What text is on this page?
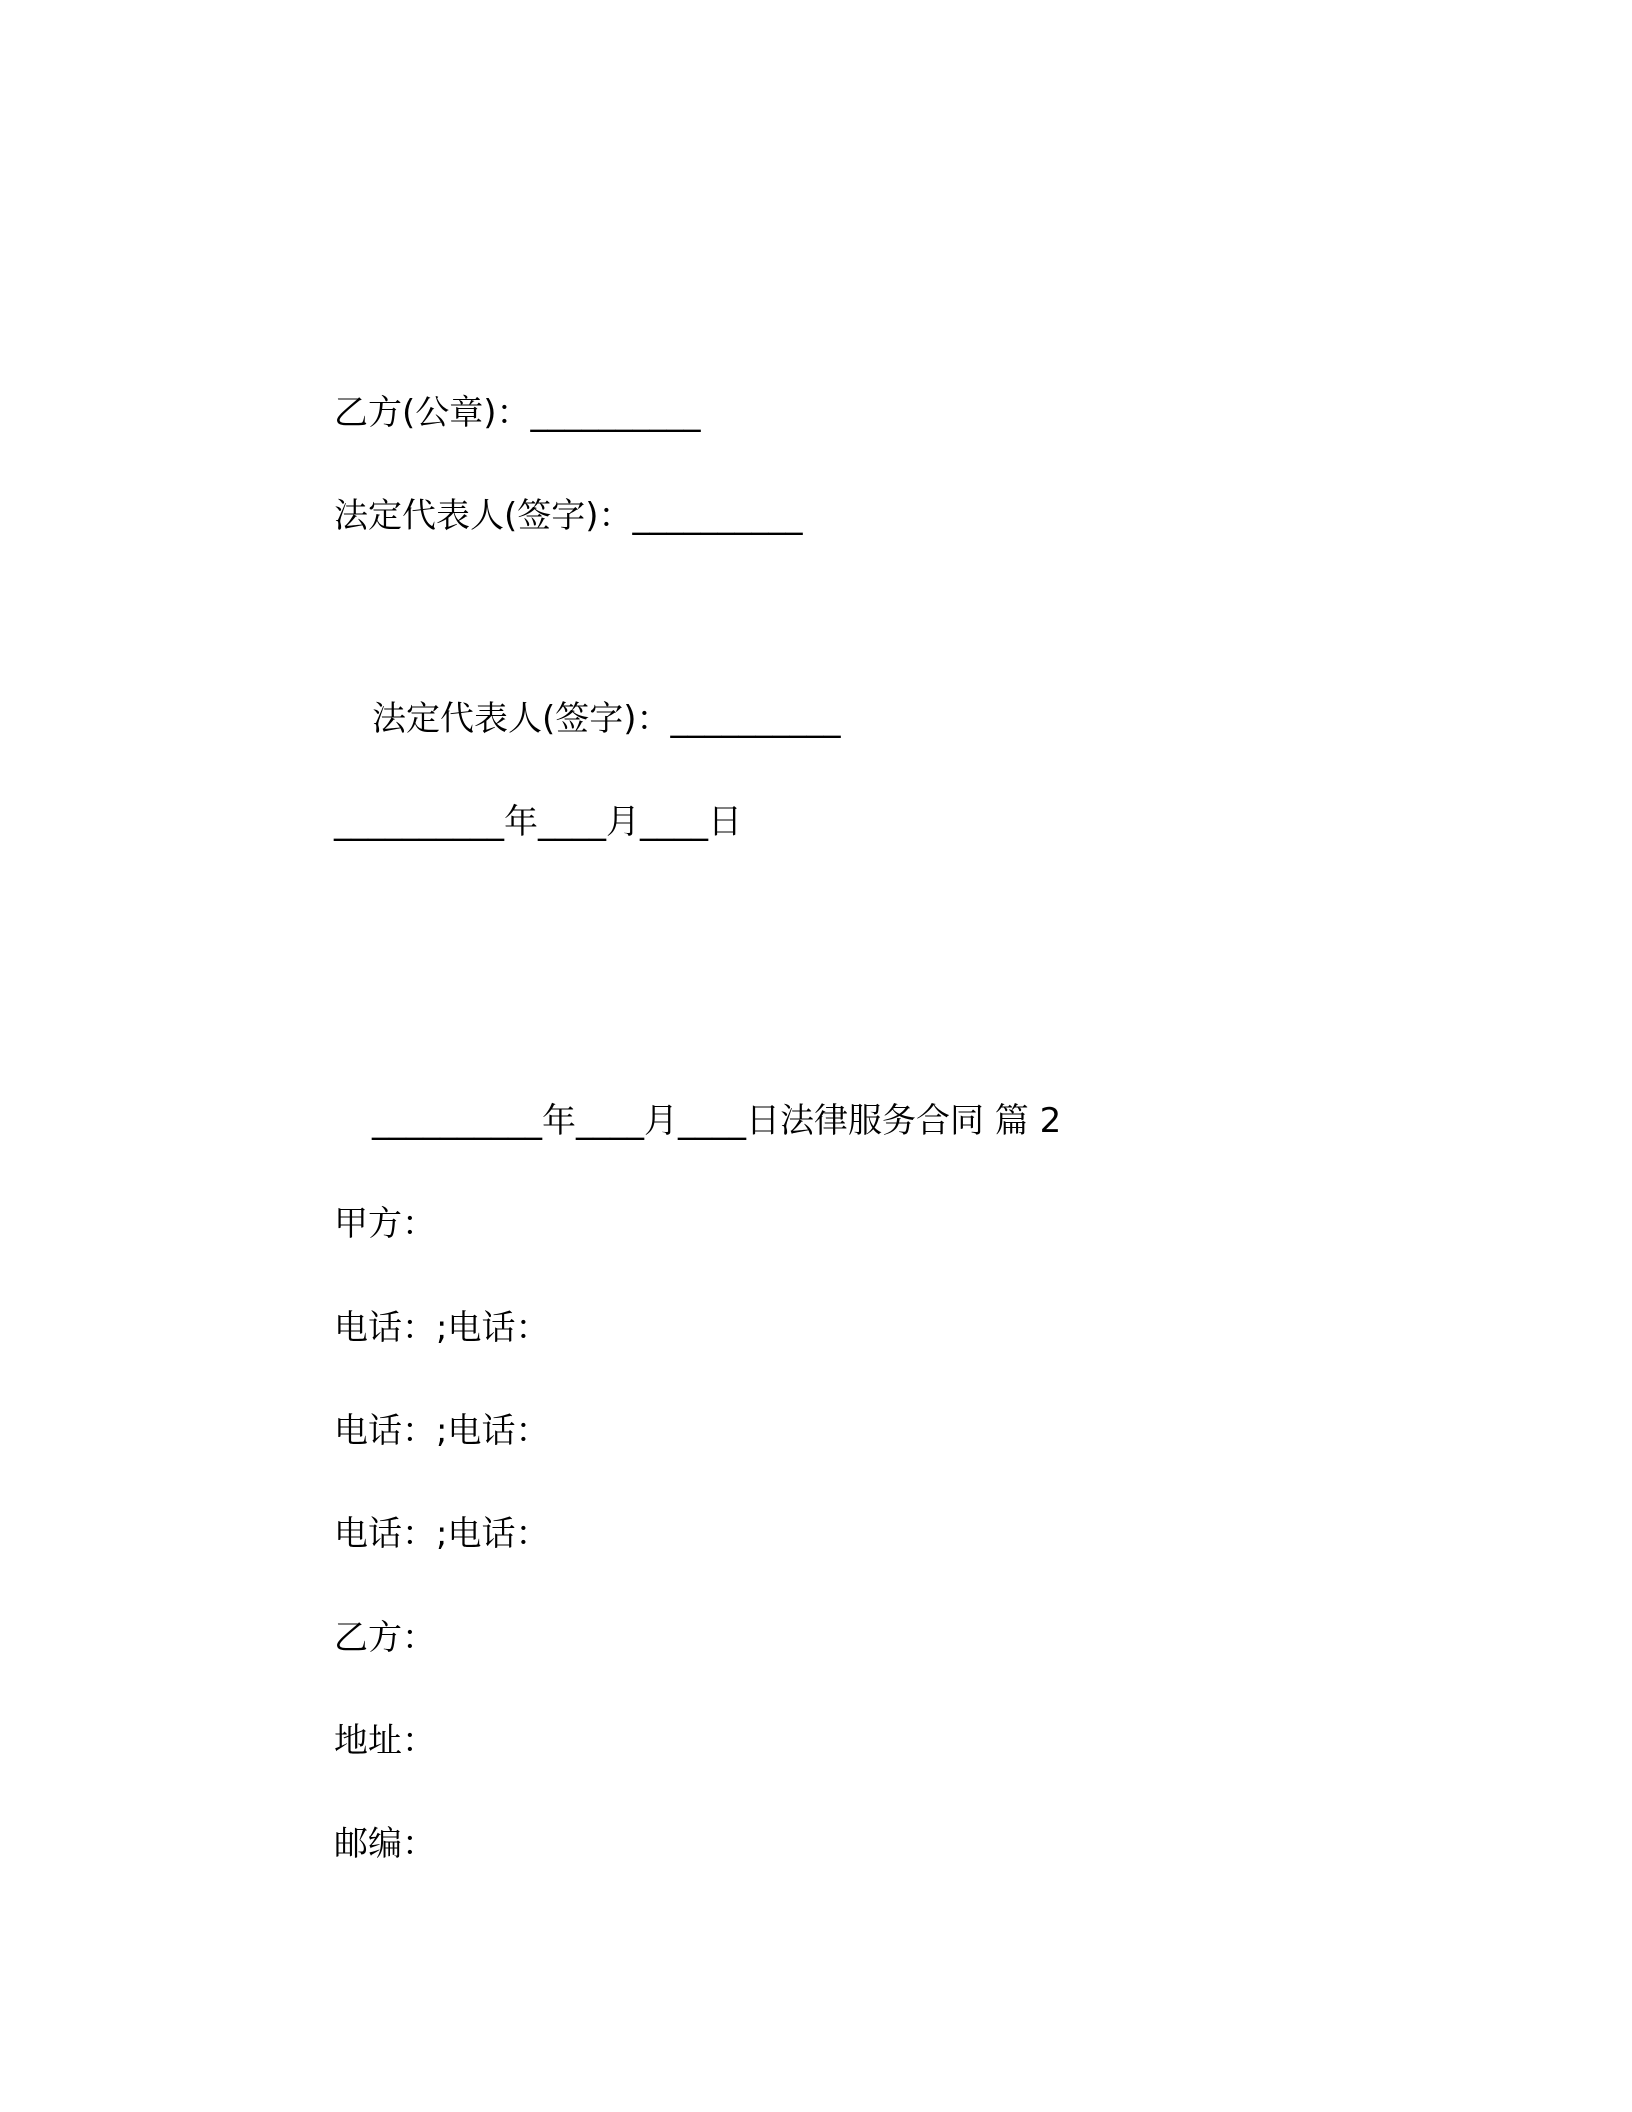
乙方(公章)：__________
法定代表人(签字)：__________
法定代表人(签字)：__________
__________年____月____日
__________年____月____日法律服务合同 篇 2
甲方：
电话：;电话：
电话：;电话：
电话：;电话：
乙方：
地址：
邮编：
